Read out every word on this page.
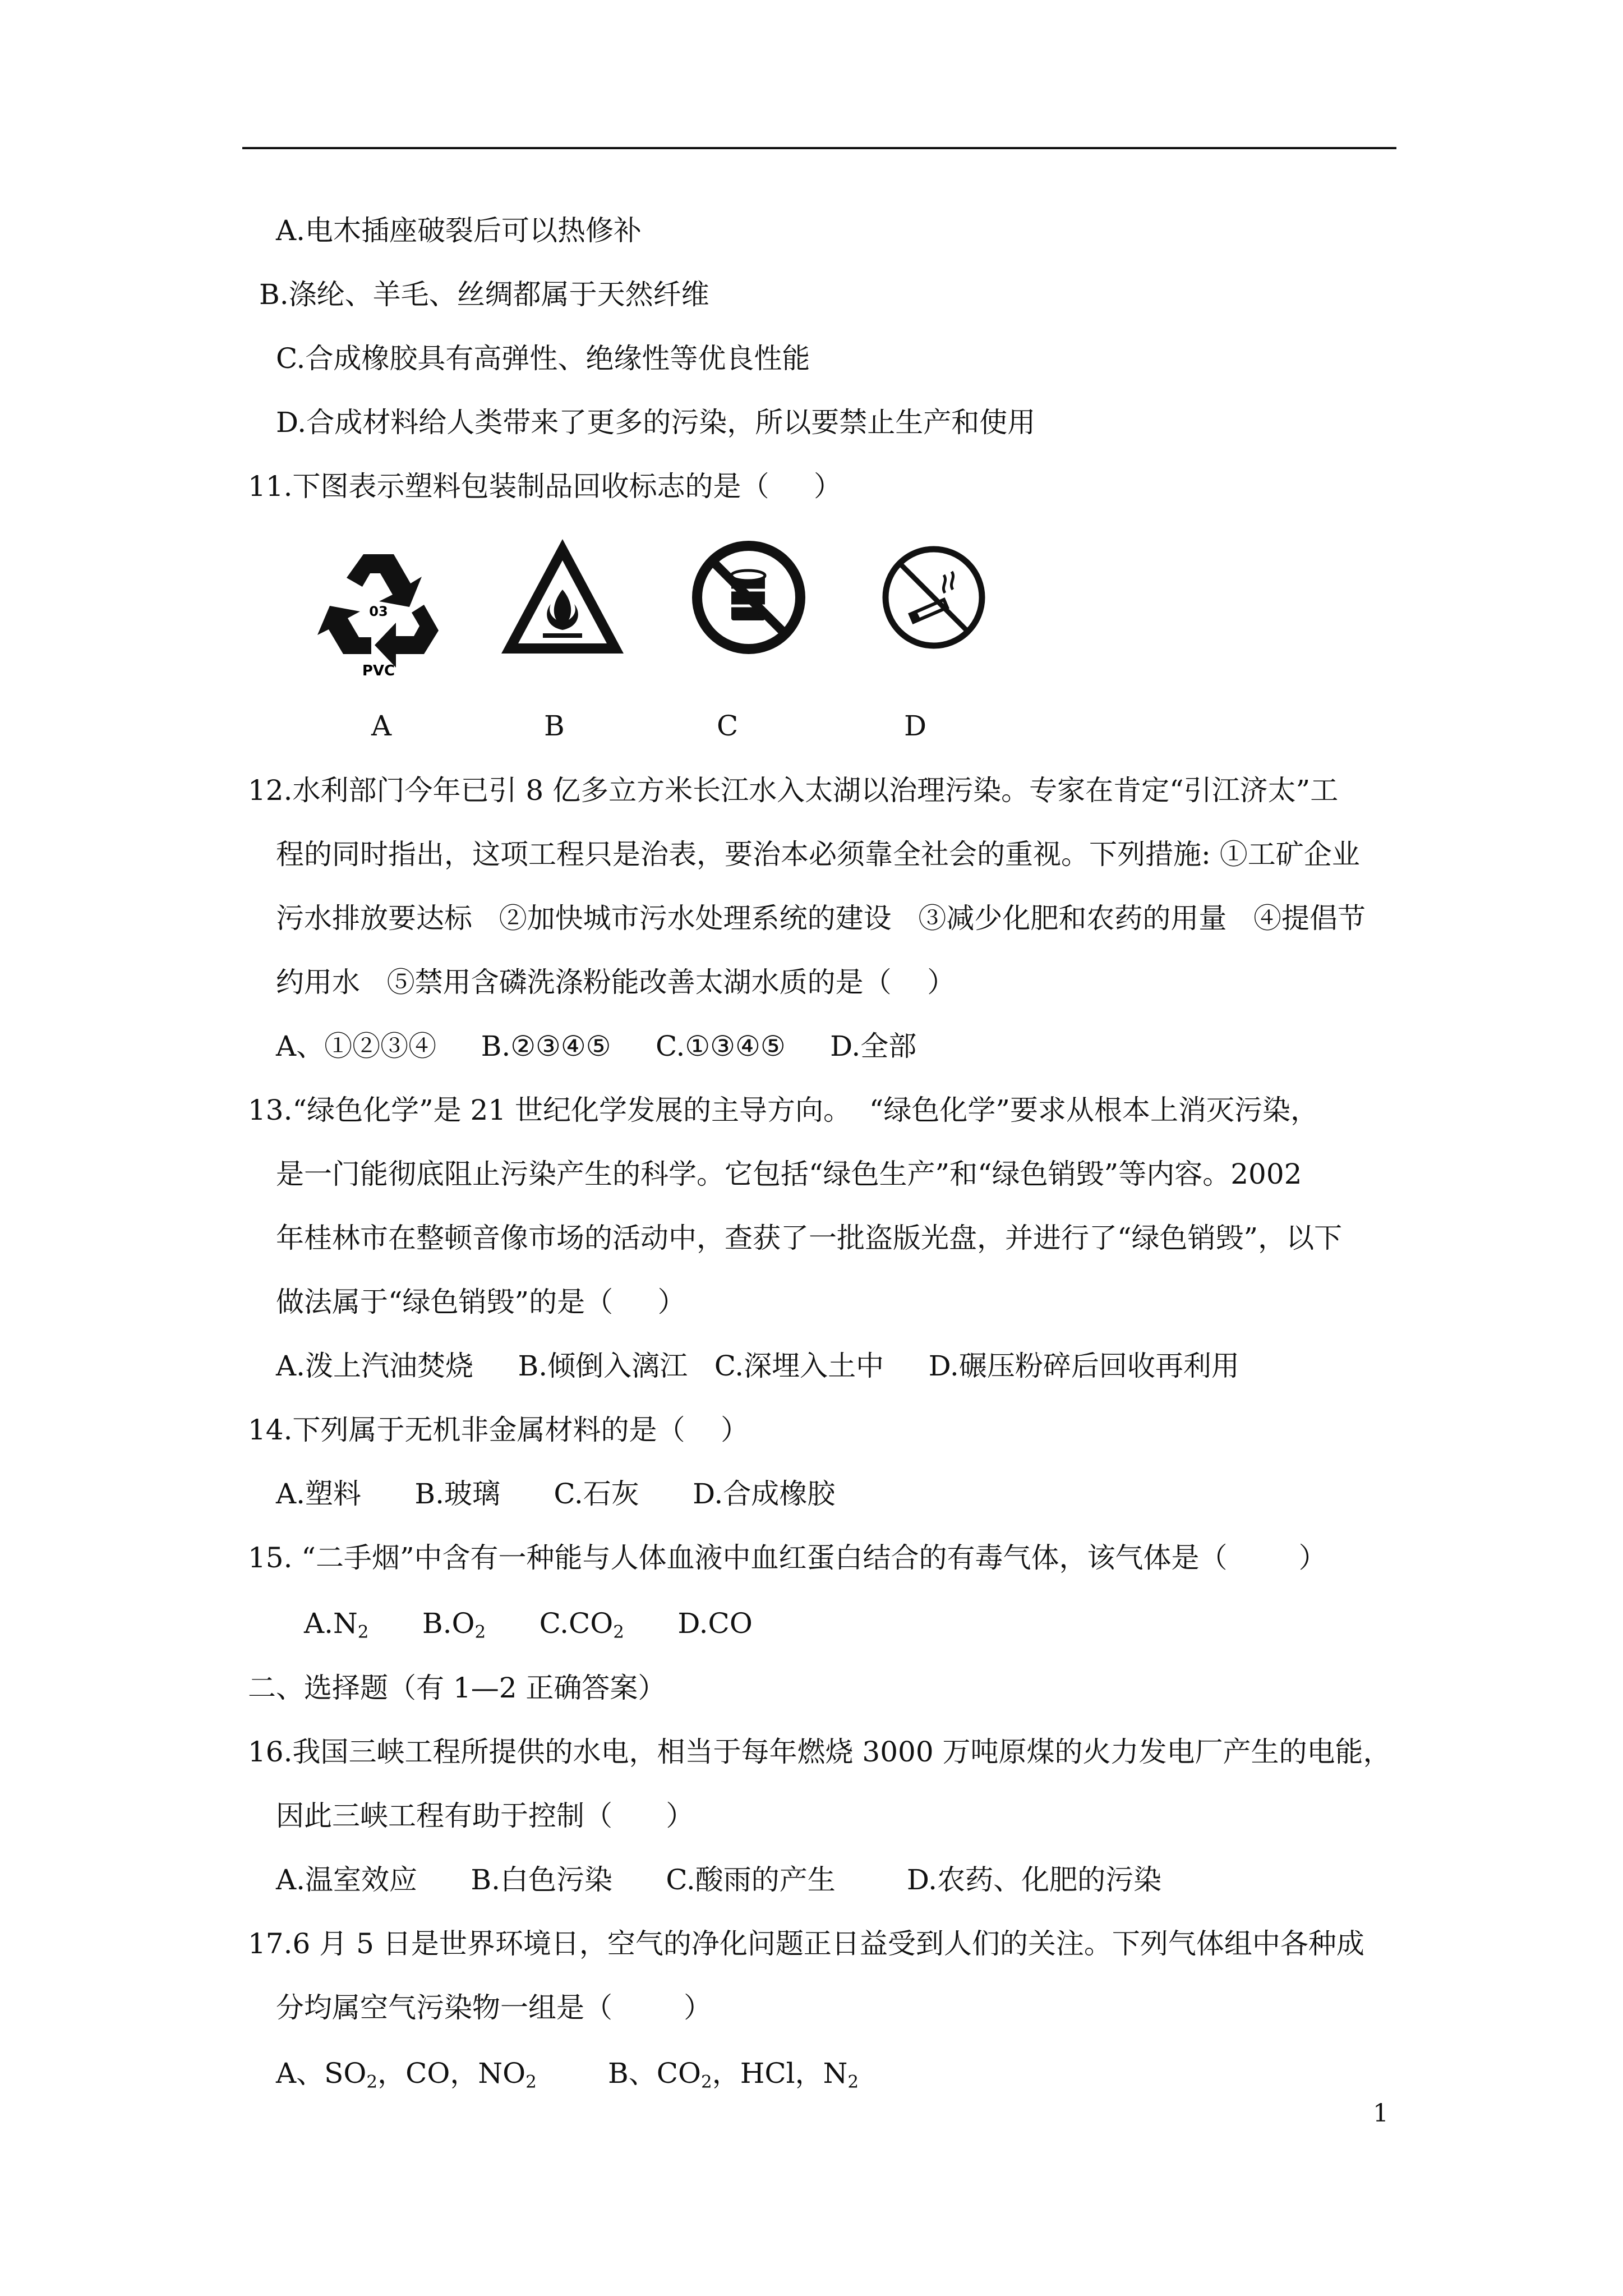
A.电木插座破裂后可以热修补
B.涤纶、羊毛、丝绸都属于天然纤维
C.合成橡胶具有高弹性、绝缘性等优良性能
D.合成材料给人类带来了更多的污染，所以要禁止生产和使用
11.下图表示塑料包装制品回收标志的是（     ）
03
PVC
A	B	C	D
12.水利部门今年已引 8 亿多立方米长江水入太湖以治理污染。专家在肯定“引江济太”工
程的同时指出，这项工程只是治表，要治本必须靠全社会的重视。下列措施: ①工矿企业
污水排放要达标   ②加快城市污水处理系统的建设   ③减少化肥和农药的用量   ④提倡节
约用水   ⑤禁用含磷洗涤粉能改善太湖水质的是（    ）
A、①②③④     B.②③④⑤     C.①③④⑤     D.全部
13.“绿色化学”是 21 世纪化学发展的主导方向。  “绿色化学”要求从根本上消灭污染，
是一门能彻底阻止污染产生的科学。它包括“绿色生产”和“绿色销毁”等内容。2002
年桂林市在整顿音像市场的活动中，查获了一批盗版光盘，并进行了“绿色销毁”，以下
做法属于“绿色销毁”的是（     ）
A.泼上汽油焚烧     B.倾倒入漓江   C.深埋入土中     D.碾压粉碎后回收再利用
14.下列属于无机非金属材料的是（    ）
A.塑料      B.玻璃      C.石灰      D.合成橡胶
15. “二手烟”中含有一种能与人体血液中血红蛋白结合的有毒气体，该气体是（        ）
$A.N_2$ $B.O_2$ $C.CO_2$ D.CO
二、选择题（有 1—2 正确答案）
16.我国三峡工程所提供的水电，相当于每年燃烧 3000 万吨原煤的火力发电厂产生的电能，
因此三峡工程有助于控制（      ）
A.温室效应      B.白色污染      C.酸雨的产生        D.农药、化肥的污染
17.6 月 5 日是世界环境日，空气的净化问题正日益受到人们的关注。下列气体组中各种成
分均属空气污染物一组是（        ）
A、$SO_2$，CO，$NO_2$	B、$CO_2$，HCl，$N_2$
1
